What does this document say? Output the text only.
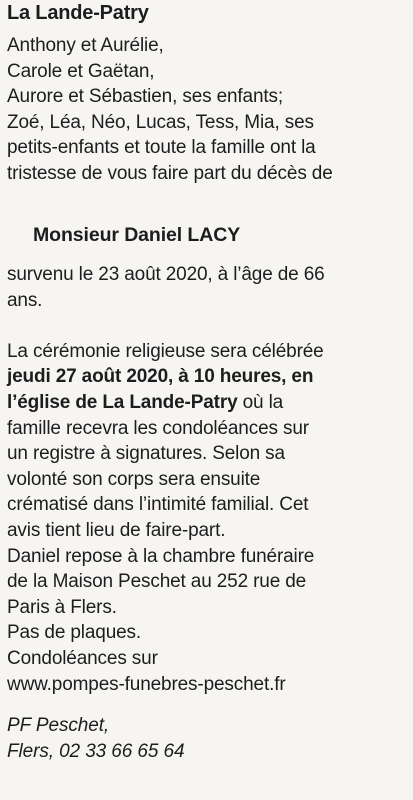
La Lande-Patry
Anthony et Aurélie,
Carole et Gaëtan,
Aurore et Sébastien, ses enfants;
Zoé, Léa, Néo, Lucas, Tess, Mia, ses
petits-enfants et toute la famille ont la
tristesse de vous faire part du décès de
Monsieur Daniel LACY
survenu le 23 août 2020, à l’âge de 66
ans.
La cérémonie religieuse sera célébrée
jeudi 27 août 2020, à 10 heures, en
l’église de La Lande-Patry où la
famille recevra les condoléances sur
un registre à signatures. Selon sa
volonté son corps sera ensuite
crématisé dans l’intimité familial. Cet
avis tient lieu de faire-part.
Daniel repose à la chambre funéraire
de la Maison Peschet au 252 rue de
Paris à Flers.
Pas de plaques.
Condoléances sur
www.pompes-funebres-peschet.fr
PF Peschet,
Flers, 02 33 66 65 64
